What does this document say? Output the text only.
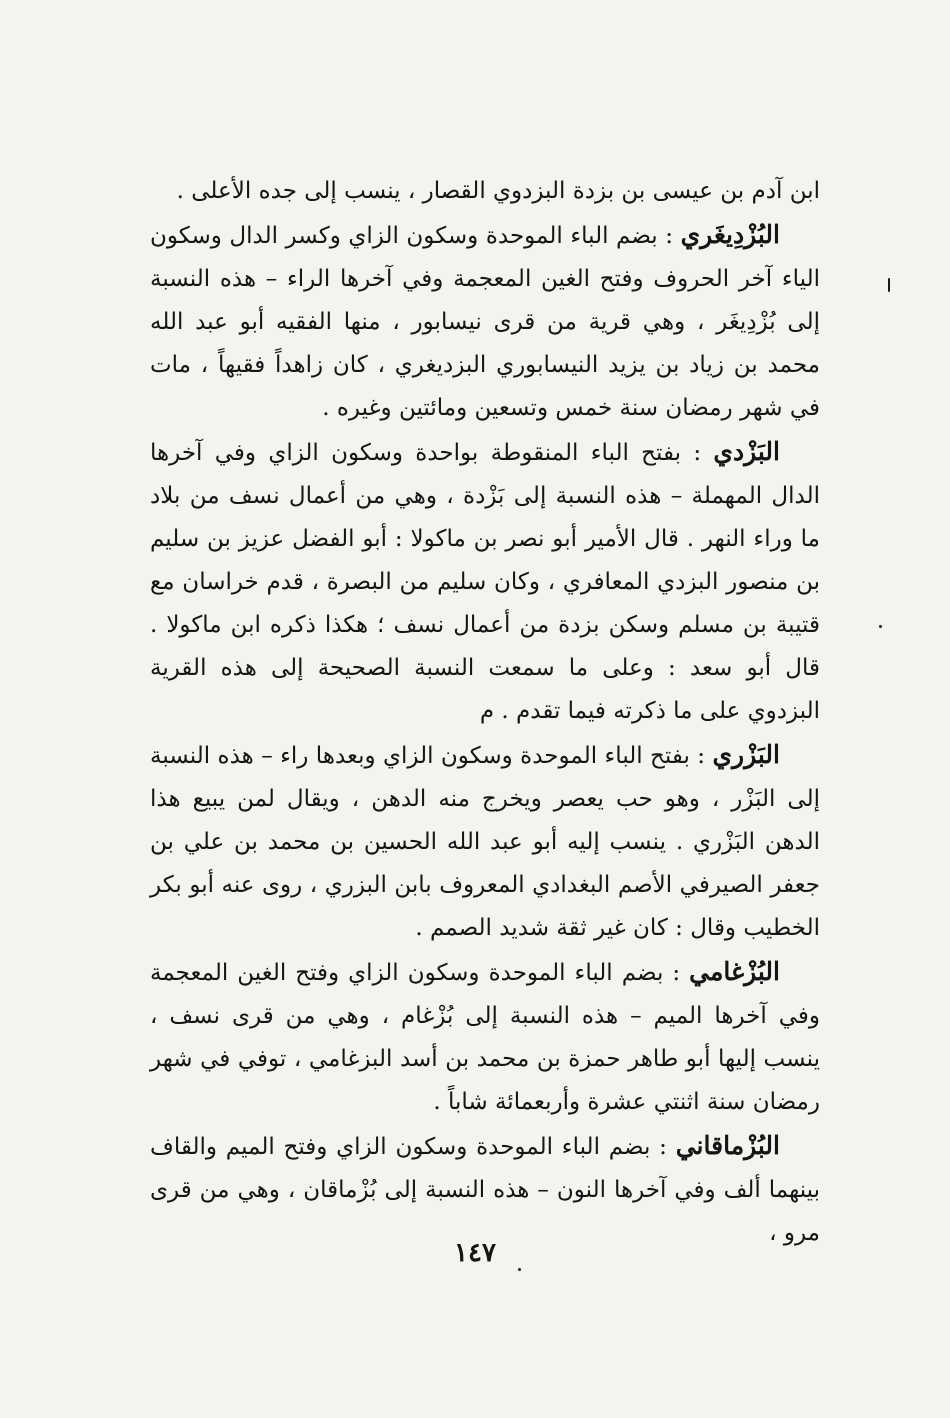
ابن آدم بن عيسى بن بزدة البزدوي القصار ، ينسب إلى جده الأعلى .

البُزْدِيغَري : بضم الباء الموحدة وسكون الزاي وكسر الدال وسكون الياء آخر الحروف وفتح الغين المعجمة وفي آخرها الراء – هذه النسبة إلى بُزْدِيغَر ، وهي قرية من قرى نيسابور ، منها الفقيه أبو عبد الله محمد بن زياد بن يزيد النيسابوري البزديغري ، كان زاهداً فقيهاً ، مات في شهر رمضان سنة خمس وتسعين ومائتين وغيره .

البَزْدي : بفتح الباء المنقوطة بواحدة وسكون الزاي وفي آخرها الدال المهملة – هذه النسبة إلى بَزْدة ، وهي من أعمال نسف من بلاد ما وراء النهر . قال الأمير أبو نصر بن ماكولا : أبو الفضل عزيز بن سليم بن منصور البزدي المعافري ، وكان سليم من البصرة ، قدم خراسان مع قتيبة بن مسلم وسكن بزدة من أعمال نسف ؛ هكذا ذكره ابن ماكولا . قال أبو سعد : وعلى ما سمعت النسبة الصحيحة إلى هذه القرية البزدوي على ما ذكرته فيما تقدم . م

البَزْري : بفتح الباء الموحدة وسكون الزاي وبعدها راء – هذه النسبة إلى البَزْر ، وهو حب يعصر ويخرج منه الدهن ، ويقال لمن يبيع هذا الدهن البَزْري . ينسب إليه أبو عبد الله الحسين بن محمد بن علي بن جعفر الصيرفي الأصم البغدادي المعروف بابن البزري ، روى عنه أبو بكر الخطيب وقال : كان غير ثقة شديد الصمم .

البُزْغامي : بضم الباء الموحدة وسكون الزاي وفتح الغين المعجمة وفي آخرها الميم – هذه النسبة إلى بُزْغام ، وهي من قرى نسف ، ينسب إليها أبو طاهر حمزة بن محمد بن أسد البزغامي ، توفي في شهر رمضان سنة اثنتي عشرة وأربعمائة شاباً .

البُزْماقاني : بضم الباء الموحدة وسكون الزاي وفتح الميم والقاف بينهما ألف وفي آخرها النون – هذه النسبة إلى بُزْماقان ، وهي من قرى مرو ،

١٤٧
